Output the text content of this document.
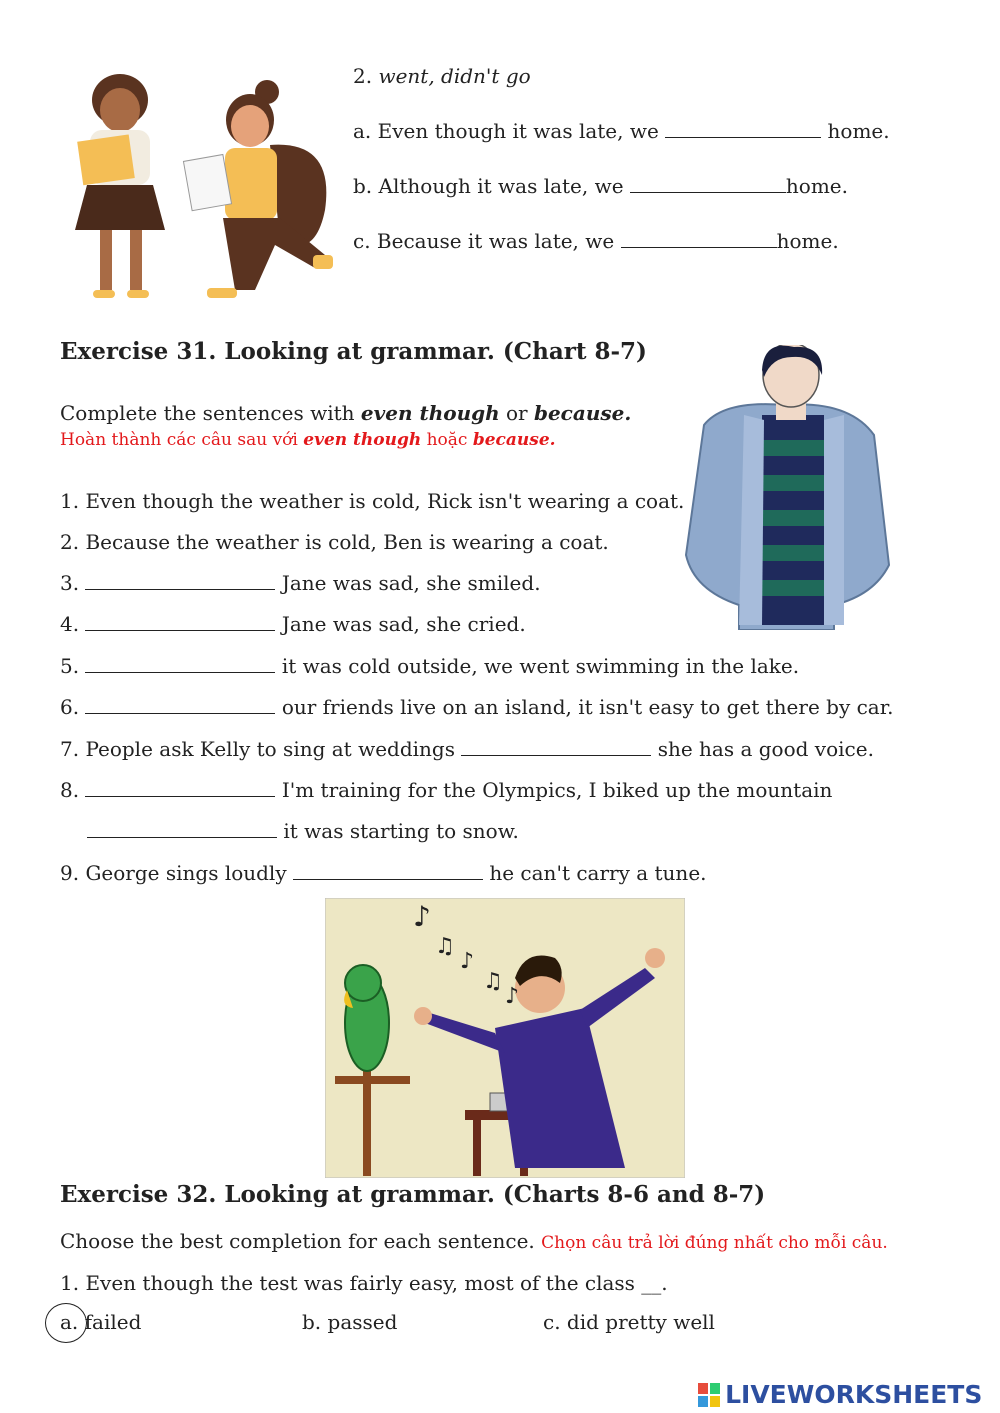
2. went, didn't go
a. Even though it was late, we	home.
b. Although it was late, we	home.
c. Because it was late, we	home.
Exercise 31. Looking at grammar. (Chart 8-7)
Complete the sentences with even though or because.
Hoàn thành các câu sau với even though hoặc because.
1. Even though the weather is cold, Rick isn't wearing a coat.
2. Because the weather is cold, Ben is wearing a coat.
3.	Jane was sad, she smiled.
4.	Jane was sad, she cried.
5.	it was cold outside, we went swimming in the lake.
6.	our friends live on an island, it isn't easy to get there by car.
7. People ask Kelly to sing at weddings	she has a good voice.
8.	I'm training for the Olympics, I biked up the mountain
it was starting to snow.
9. George sings loudly	he can't carry a tune.
♪
♫
♪
♫
♪
Exercise 32. Looking at grammar. (Charts 8-6 and 8-7)
Choose the best completion for each sentence. Chọn câu trả lời đúng nhất cho mỗi câu.
1. Even though the test was fairly easy, most of the class __.
a. failed	b. passed	c. did pretty well
LIVEWORKSHEETS
